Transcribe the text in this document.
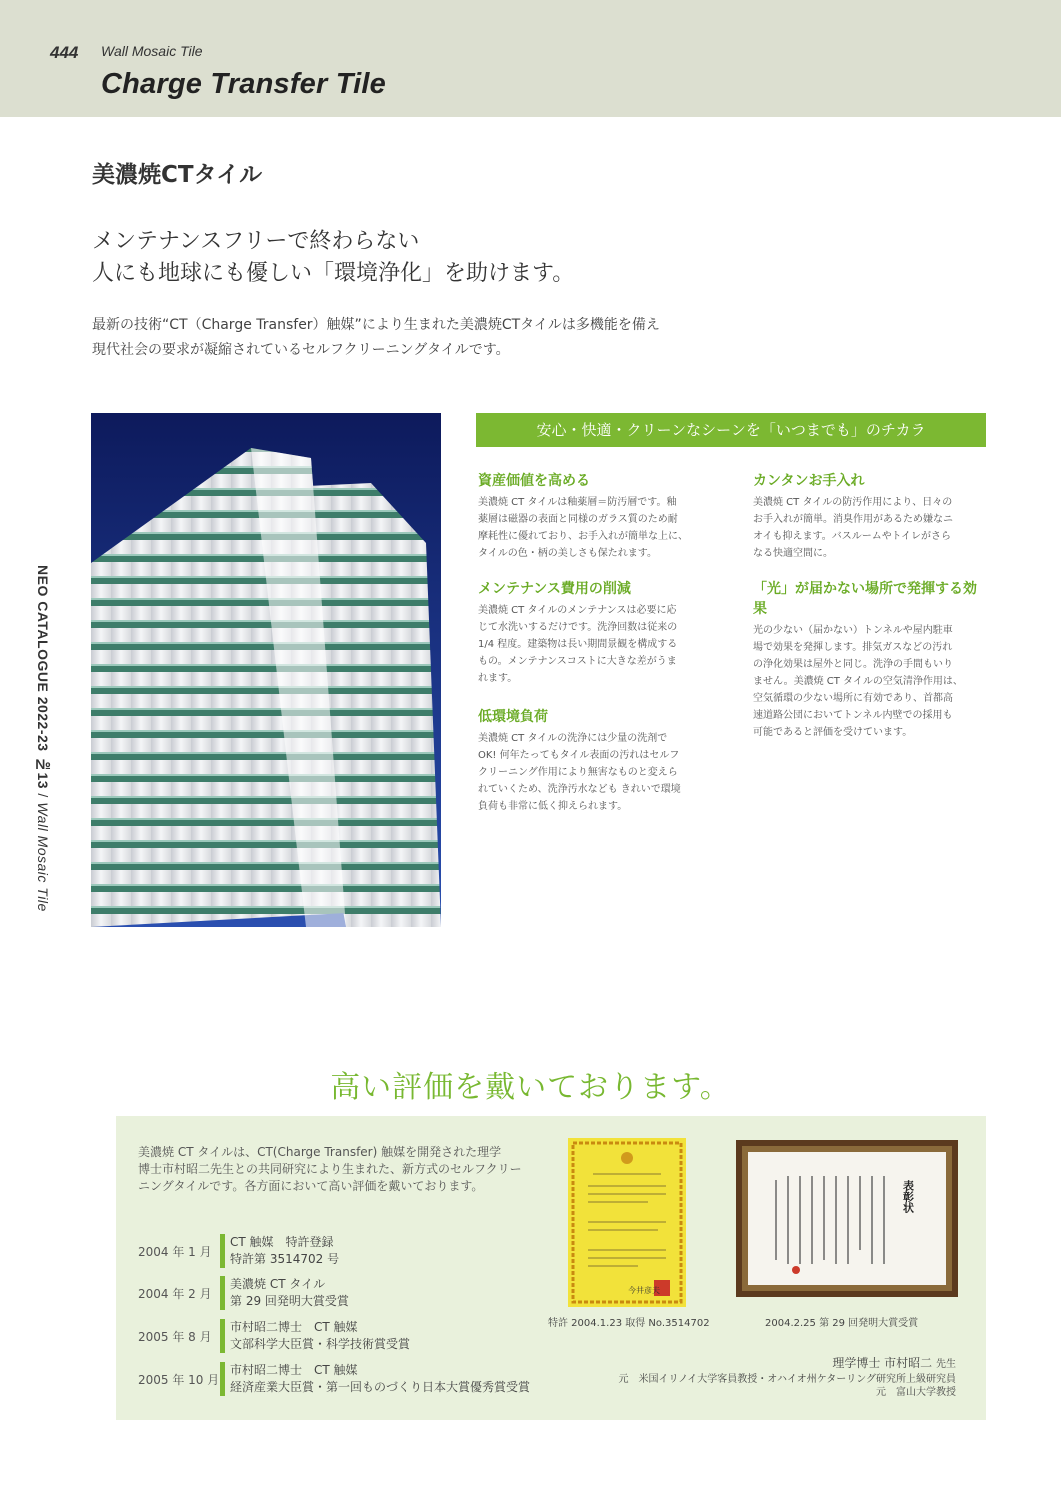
444 Wall Mosaic Tile
Charge Transfer Tile
NEO CATALOGUE 2022-23 №13 / Wall Mosaic Tile
美濃焼CTタイル
メンテナンスフリーで終わらない
人にも地球にも優しい「環境浄化」を助けます。
最新の技術“CT（Charge Transfer）触媒”により生まれた美濃焼CTタイルは多機能を備え
現代社会の要求が凝縮されているセルフクリーニングタイルです。
安心・快適・クリーンなシーンを「いつまでも」のチカラ
資産価値を高める
美濃焼 CT タイルは釉薬層＝防汚層です。釉
薬層は磁器の表面と同様のガラス質のため耐
摩耗性に優れており、お手入れが簡単な上に、
タイルの色・柄の美しさも保たれます。
メンテナンス費用の削減
美濃焼 CT タイルのメンテナンスは必要に応
じて水洗いするだけです。洗浄回数は従来の
1/4 程度。建築物は長い期間景観を構成する
もの。メンテナンスコストに大きな差がうま
れます。
低環境負荷
美濃焼 CT タイルの洗浄には少量の洗剤で
OK! 何年たってもタイル表面の汚れはセルフ
クリーニング作用により無害なものと変えら
れていくため、洗浄汚水なども きれいで環境
負荷も非常に低く抑えられます。
カンタンお手入れ
美濃焼 CT タイルの防汚作用により、日々の
お手入れが簡単。消臭作用があるため嫌なニ
オイも抑えます。バスルームやトイレがさら
なる快適空間に。
「光」が届かない場所で発揮する効果
光の少ない（届かない）トンネルや屋内駐車
場で効果を発揮します。排気ガスなどの汚れ
の浄化効果は屋外と同じ。洗浄の手間もいり
ません。美濃焼 CT タイルの空気清浄作用は、
空気循環の少ない場所に有効であり、首都高
速道路公団においてトンネル内壁での採用も
可能であると評価を受けています。
高い評価を戴いております。
美濃焼 CT タイルは、CT(Charge Transfer) 触媒を開発された理学
博士市村昭二先生との共同研究により生まれた、新方式のセルフクリー
ニングタイルです。各方面において高い評価を戴いております。
2004 年 1 月
CT 触媒　特許登録
特許第 3514702 号
2004 年 2 月
美濃焼 CT タイル
第 29 回発明大賞受賞
2005 年 8 月
市村昭二博士　CT 触媒
文部科学大臣賞・科学技術賞受賞
2005 年 10 月
市村昭二博士　CT 触媒
経済産業大臣賞・第一回ものづくり日本大賞優秀賞受賞
今井彦夫
特許 2004.1.23 取得 No.3514702
表彰状
2004.2.25 第 29 回発明大賞受賞
理学博士 市村昭二 先生
元　米国イリノイ大学客員教授・オハイオ州ケターリング研究所上級研究員
元　富山大学教授
